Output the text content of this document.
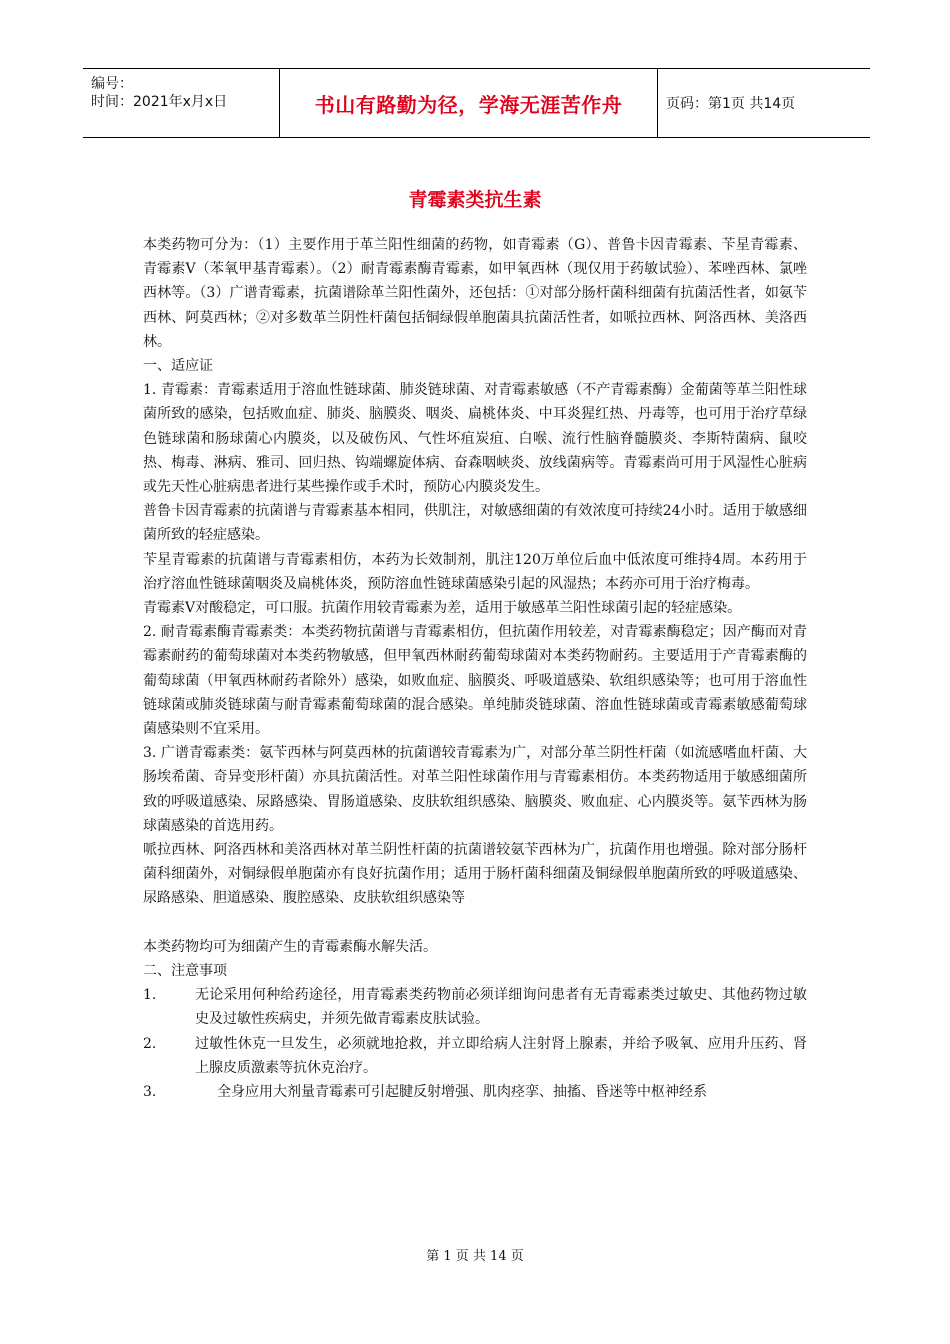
编号：
时间：2021年x月x日	书山有路勤为径，学海无涯苦作舟	页码：第1页 共14页
青霉素类抗生素

本类药物可分为：（1）主要作用于革兰阳性细菌的药物，如青霉素（G）、普鲁卡因青霉素、苄星青霉素、青霉素V（苯氧甲基青霉素）。（2）耐青霉素酶青霉素，如甲氧西林（现仅用于药敏试验）、苯唑西林、氯唑西林等。（3）广谱青霉素，抗菌谱除革兰阳性菌外，还包括：①对部分肠杆菌科细菌有抗菌活性者，如氨苄西林、阿莫西林；②对多数革兰阴性杆菌包括铜绿假单胞菌具抗菌活性者，如哌拉西林、阿洛西林、美洛西林。

一、适应证

1. 青霉素：青霉素适用于溶血性链球菌、肺炎链球菌、对青霉素敏感（不产青霉素酶）金葡菌等革兰阳性球菌所致的感染，包括败血症、肺炎、脑膜炎、咽炎、扁桃体炎、中耳炎猩红热、丹毒等，也可用于治疗草绿色链球菌和肠球菌心内膜炎，以及破伤风、气性坏疽炭疽、白喉、流行性脑脊髓膜炎、李斯特菌病、鼠咬热、梅毒、淋病、雅司、回归热、钩端螺旋体病、奋森咽峡炎、放线菌病等。青霉素尚可用于风湿性心脏病或先天性心脏病患者进行某些操作或手术时，预防心内膜炎发生。

普鲁卡因青霉素的抗菌谱与青霉素基本相同，供肌注，对敏感细菌的有效浓度可持续24小时。适用于敏感细菌所致的轻症感染。

苄星青霉素的抗菌谱与青霉素相仿，本药为长效制剂，肌注120万单位后血中低浓度可维持4周。本药用于治疗溶血性链球菌咽炎及扁桃体炎，预防溶血性链球菌感染引起的风湿热；本药亦可用于治疗梅毒。

青霉素V对酸稳定，可口服。抗菌作用较青霉素为差，适用于敏感革兰阳性球菌引起的轻症感染。

2. 耐青霉素酶青霉素类：本类药物抗菌谱与青霉素相仿，但抗菌作用较差，对青霉素酶稳定；因产酶而对青霉素耐药的葡萄球菌对本类药物敏感，但甲氧西林耐药葡萄球菌对本类药物耐药。主要适用于产青霉素酶的葡萄球菌（甲氧西林耐药者除外）感染，如败血症、脑膜炎、呼吸道感染、软组织感染等；也可用于溶血性链球菌或肺炎链球菌与耐青霉素葡萄球菌的混合感染。单纯肺炎链球菌、溶血性链球菌或青霉素敏感葡萄球菌感染则不宜采用。

3. 广谱青霉素类：氨苄西林与阿莫西林的抗菌谱较青霉素为广，对部分革兰阴性杆菌（如流感嗜血杆菌、大肠埃希菌、奇异变形杆菌）亦具抗菌活性。对革兰阳性球菌作用与青霉素相仿。本类药物适用于敏感细菌所致的呼吸道感染、尿路感染、胃肠道感染、皮肤软组织感染、脑膜炎、败血症、心内膜炎等。氨苄西林为肠球菌感染的首选用药。

哌拉西林、阿洛西林和美洛西林对革兰阴性杆菌的抗菌谱较氨苄西林为广，抗菌作用也增强。除对部分肠杆菌科细菌外，对铜绿假单胞菌亦有良好抗菌作用；适用于肠杆菌科细菌及铜绿假单胞菌所致的呼吸道感染、尿路感染、胆道感染、腹腔感染、皮肤软组织感染等

本类药物均可为细菌产生的青霉素酶水解失活。

二、注意事项

1.	无论采用何种给药途径，用青霉素类药物前必须详细询问患者有无青霉素类过敏史、其他药物过敏史及过敏性疾病史，并须先做青霉素皮肤试验。

2.	过敏性休克一旦发生，必须就地抢救，并立即给病人注射肾上腺素，并给予吸氧、应用升压药、肾上腺皮质激素等抗休克治疗。

3.	全身应用大剂量青霉素可引起腱反射增强、肌肉痉挛、抽搐、昏迷等中枢神经系

第 1 页 共 14 页
